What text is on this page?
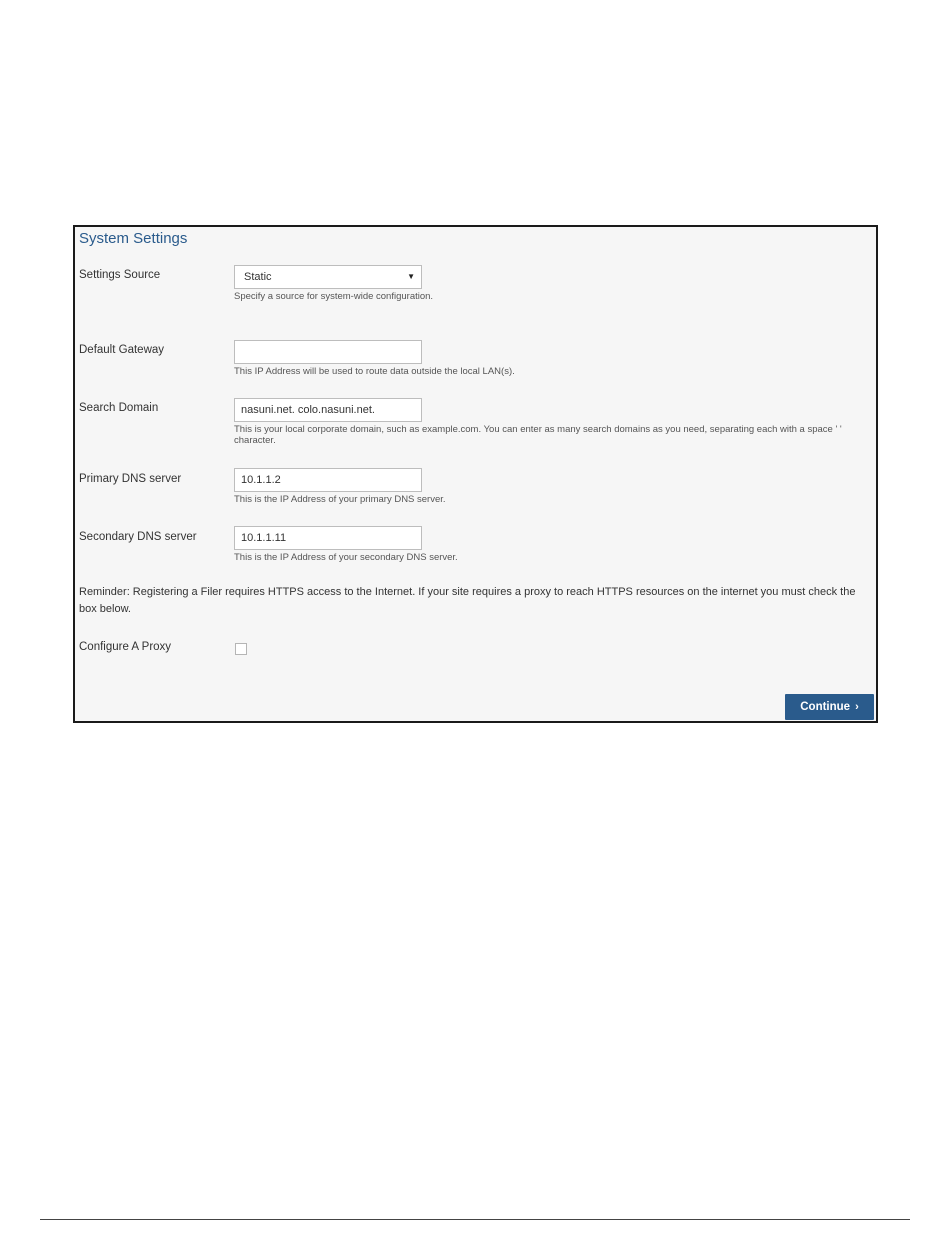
System Settings
Settings Source	Static	▼
Specify a source for system-wide configuration.
Default Gateway
This IP Address will be used to route data outside the local LAN(s).
Search Domain	nasuni.net. colo.nasuni.net.
This is your local corporate domain, such as example.com. You can enter as many search domains as you need, separating each with a space ' ' character.
Primary DNS server	10.1.1.2
This is the IP Address of your primary DNS server.
Secondary DNS server	10.1.1.11
This is the IP Address of your secondary DNS server.
Reminder: Registering a Filer requires HTTPS access to the Internet. If your site requires a proxy to reach HTTPS resources on the internet you must check the box below.
Configure A Proxy
Continue ›
